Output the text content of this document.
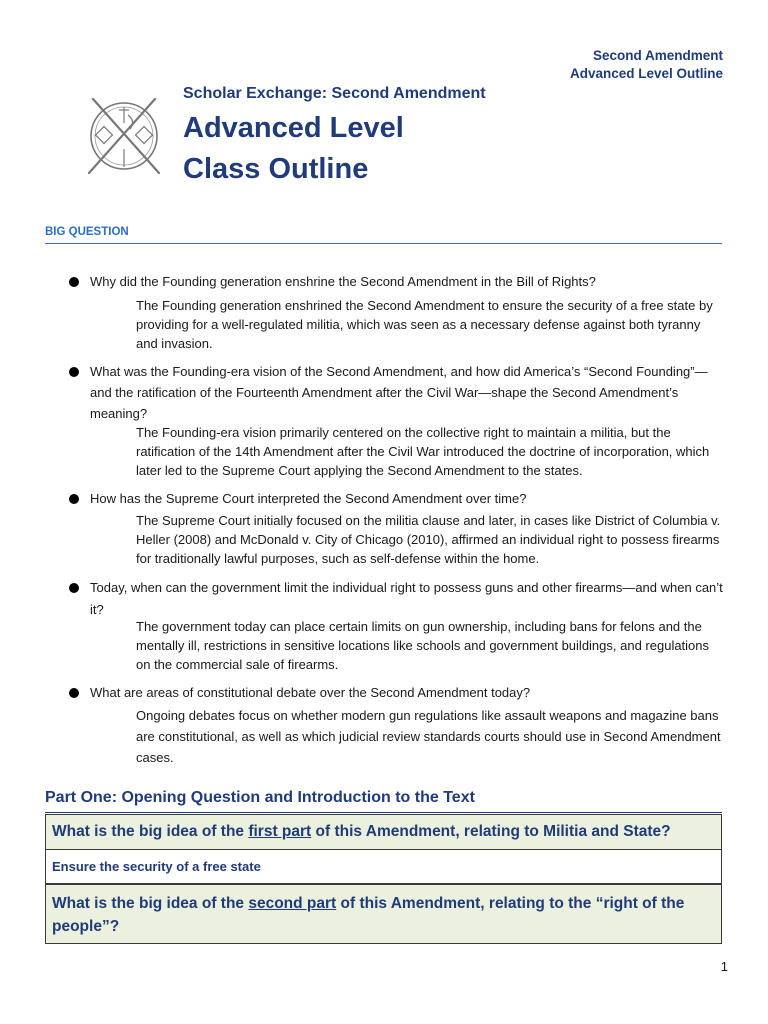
Second Amendment
Advanced Level Outline
Scholar Exchange: Second Amendment
Advanced Level
Class Outline
BIG QUESTION
Why did the Founding generation enshrine the Second Amendment in the Bill of Rights?
The Founding generation enshrined the Second Amendment to ensure the security of a free state by providing for a well-regulated militia, which was seen as a necessary defense against both tyranny and invasion.
What was the Founding-era vision of the Second Amendment, and how did America’s “Second Founding”—and the ratification of the Fourteenth Amendment after the Civil War—shape the Second Amendment’s meaning?
The Founding-era vision primarily centered on the collective right to maintain a militia, but the ratification of the 14th Amendment after the Civil War introduced the doctrine of incorporation, which later led to the Supreme Court applying the Second Amendment to the states.
How has the Supreme Court interpreted the Second Amendment over time?
The Supreme Court initially focused on the militia clause and later, in cases like District of Columbia v. Heller (2008) and McDonald v. City of Chicago (2010), affirmed an individual right to possess firearms for traditionally lawful purposes, such as self-defense within the home.
Today, when can the government limit the individual right to possess guns and other firearms—and when can’t it?
The government today can place certain limits on gun ownership, including bans for felons and the mentally ill, restrictions in sensitive locations like schools and government buildings, and regulations on the commercial sale of firearms.
What are areas of constitutional debate over the Second Amendment today?
Ongoing debates focus on whether modern gun regulations like assault weapons and magazine bans are constitutional, as well as which judicial review standards courts should use in Second Amendment cases.
Part One: Opening Question and Introduction to the Text
What is the big idea of the first part of this Amendment, relating to Militia and State?
Ensure the security of a free state
What is the big idea of the second part of this Amendment, relating to the “right of the people”?
1
